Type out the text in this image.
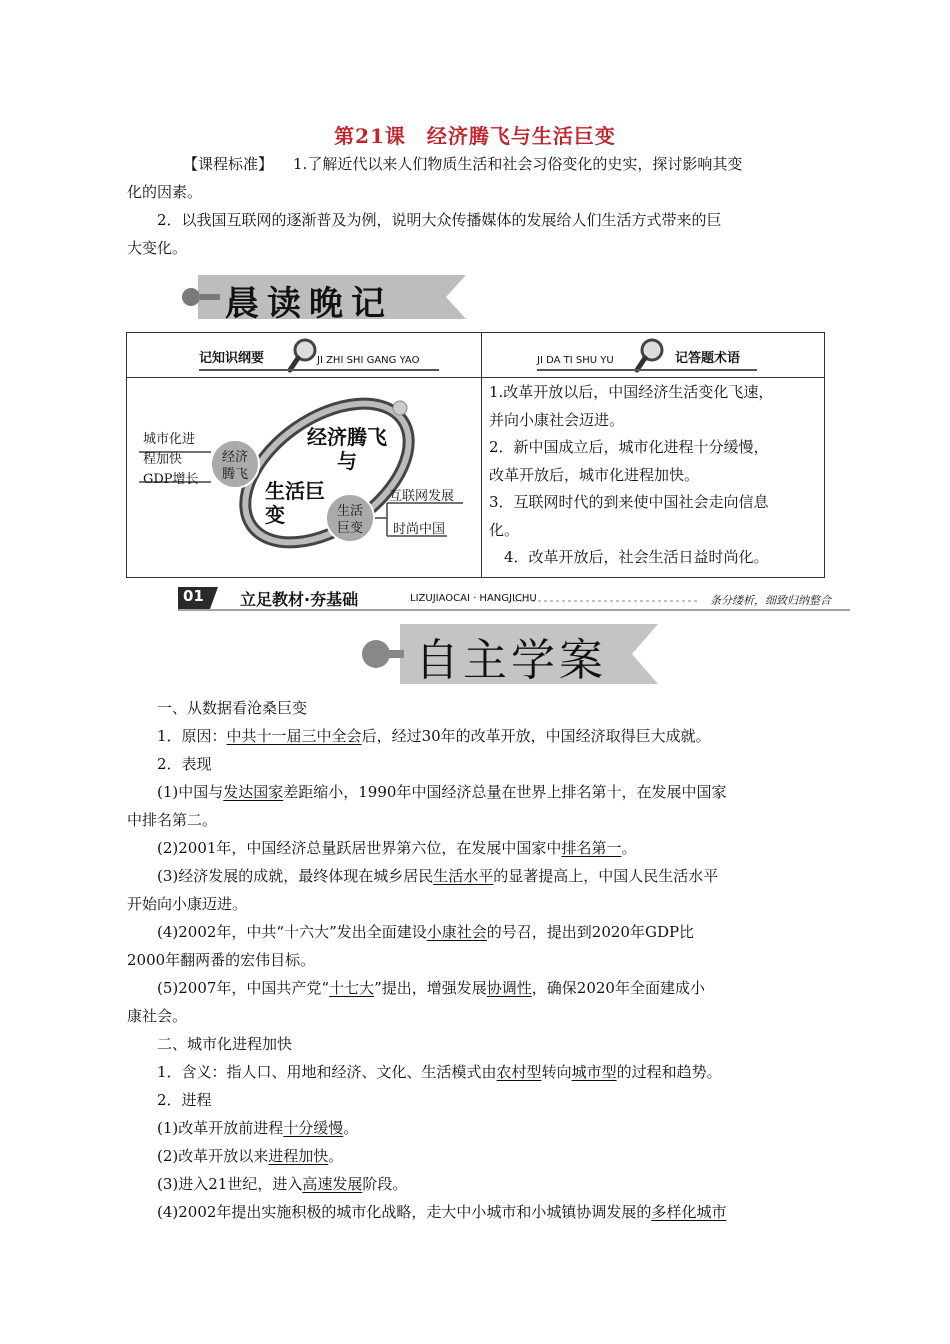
第21课　经济腾飞与生活巨变
【课程标准】 1.了解近代以来人们物质生活和社会习俗变化的史实，探讨影响其变
化的因素。
2．以我国互联网的逐渐普及为例，说明大众传播媒体的发展给人们生活方式带来的巨
大变化。
晨读晚记
记知识纲要	JI ZHI SHI GANG YAO	JI DA TI SHU YU	记答题术语
城市化进
程加快
GDP增长
经济
腾飞
经济腾飞
与
生活巨
变	生活
巨变
互联网发展
时尚中国
1.改革开放以后，中国经济生活变化飞速，
并向小康社会迈进。
2．新中国成立后，城市化进程十分缓慢，
改革开放后，城市化进程加快。
3．互联网时代的到来使中国社会走向信息
化。
　4．改革开放后，社会生活日益时尚化。
01 立足教材·夯基础	LIZUJIAOCAI · HANGJICHU	条分缕析，细致归纳整合
自主学案
一、从数据看沧桑巨变
1．原因：中共十一届三中全会后，经过30年的改革开放，中国经济取得巨大成就。
2．表现
(1)中国与发达国家差距缩小，1990年中国经济总量在世界上排名第十，在发展中国家
中排名第二。
(2)2001年，中国经济总量跃居世界第六位，在发展中国家中排名第一。
(3)经济发展的成就，最终体现在城乡居民生活水平的显著提高上，中国人民生活水平
开始向小康迈进。
(4)2002年，中共“十六大”发出全面建设小康社会的号召，提出到2020年GDP比
2000年翻两番的宏伟目标。
(5)2007年，中国共产党“十七大”提出，增强发展协调性，确保2020年全面建成小
康社会。
二、城市化进程加快
1．含义：指人口、用地和经济、文化、生活模式由农村型转向城市型的过程和趋势。
2．进程
(1)改革开放前进程十分缓慢。
(2)改革开放以来进程加快。
(3)进入21世纪，进入高速发展阶段。
(4)2002年提出实施积极的城市化战略，走大中小城市和小城镇协调发展的多样化城市
